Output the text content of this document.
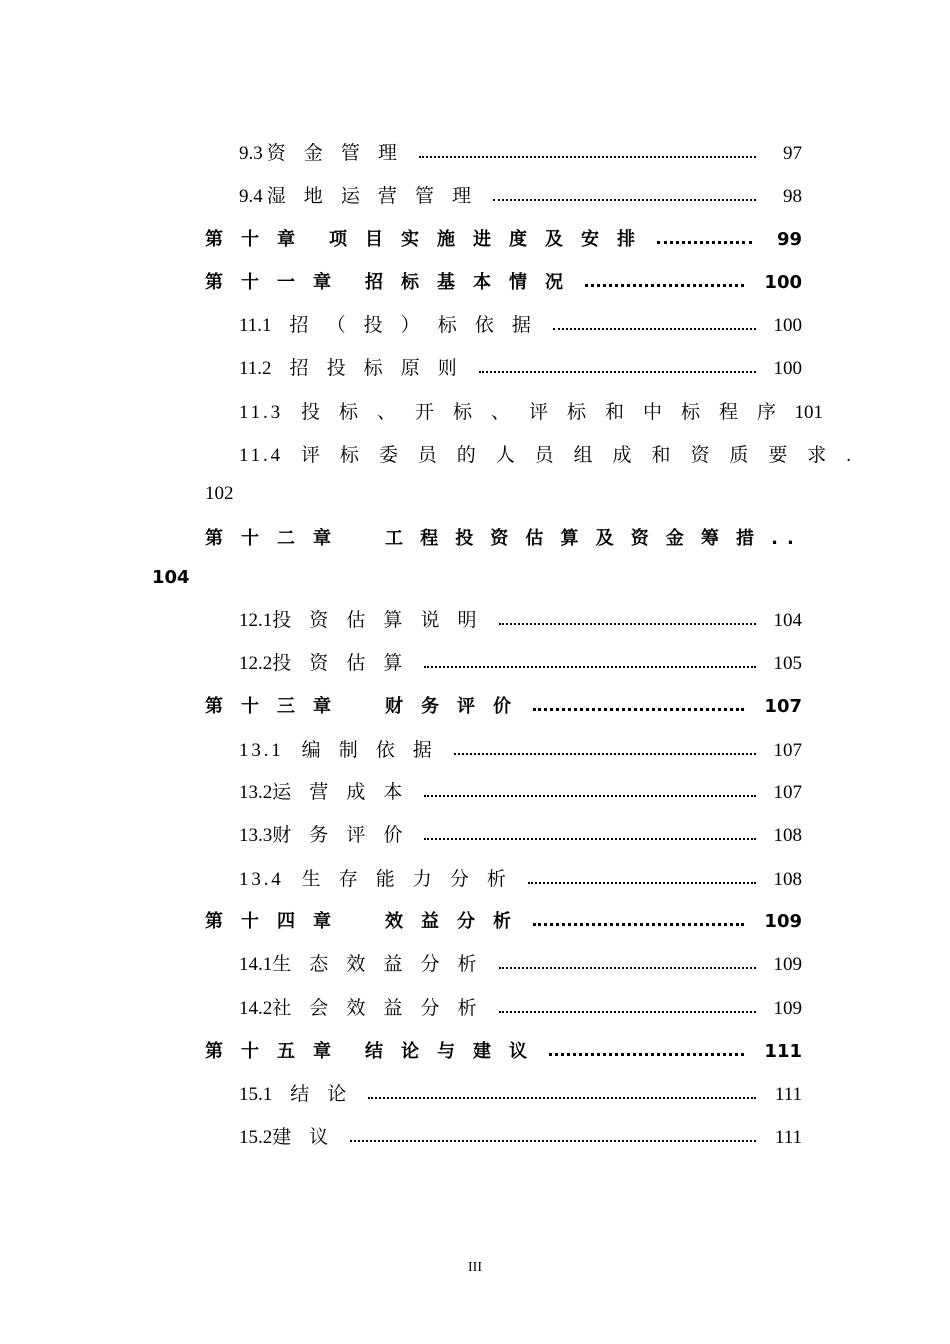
9.3 资金管理	97
9.4 湿地运营管理	98
第十章 项目实施进度及安排	99
第十一章 招标基本情况	100
11.1 招（投）标依据	100
11.2 招投标原则	100
11.3 投标、开标、评标和中标程序 101
11.4 评标委员的人员组成和资质要求 .
102
第十二章 工程投资估算及资金筹措 ..
104
12.1 投资估算说明	104
12.2 投资估算	105
第十三章 财务评价	107
13.1 编制依据	107
13.2 运营成本	107
13.3 财务评价	108
13.4 生存能力分析	108
第十四章 效益分析	109
14.1 生态效益分析	109
14.2 社会效益分析	109
第十五章 结论与建议	111
15.1 结论	111
15.2 建议	111
III
